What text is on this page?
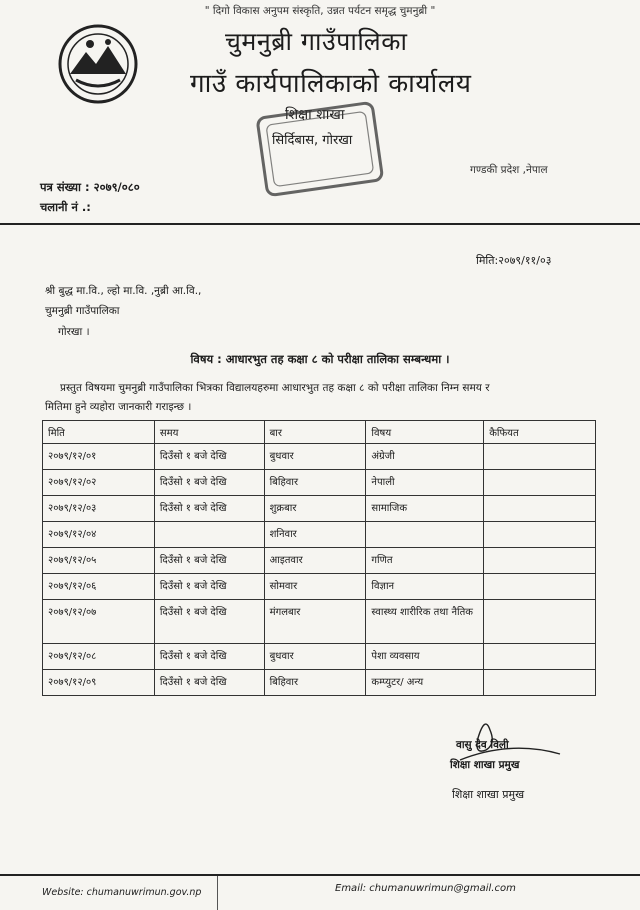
" दिगो विकास अनुपम संस्कृति, उन्नत पर्यटन समृद्ध चुमनुब्री "
चुमनुब्री गाउँपालिका
गाउँ कार्यपालिकाको कार्यालय
शिक्षा शाखा
सिर्दिबास, गोरखा
गण्डकी प्रदेश ,नेपाल
पत्र संख्या : २०७९/०८०
चलानी नं .:
मिति:२०७९/११/०३
श्री बुद्ध मा.वि., ल्हो मा.वि. ,नुब्री आ.वि.,
चुमनुब्री गाउँपालिका
गोरखा ।
विषय : आधारभुत तह कक्षा ८ को परीक्षा तालिका सम्बन्धमा ।
प्रस्तुत विषयमा चुमनुब्री गाउँपालिका भित्रका विद्यालयहरुमा आधारभुत तह कक्षा ८ को परीक्षा तालिका निम्न समय र
मितिमा हुने व्यहोरा जानकारी गराइन्छ ।
मिति	समय	बार	विषय	कैफियत
२०७९/१२/०१	दिउँसो १ बजे देखि	बुधवार	अंग्रेजी	
२०७९/१२/०२	दिउँसो १ बजे देखि	बिहिवार	नेपाली	
२०७९/१२/०३	दिउँसो १ बजे देखि	शुक्रबार	सामाजिक	
२०७९/१२/०४		शनिवार		
२०७९/१२/०५	दिउँसो १ बजे देखि	आइतवार	गणित	
२०७९/१२/०६	दिउँसो १ बजे देखि	सोमवार	विज्ञान	
२०७९/१२/०७	दिउँसो १ बजे देखि	मंगलबार	स्वास्थ्य शारीरिक तथा नैतिक	
२०७९/१२/०८	दिउँसो १ बजे देखि	बुधवार	पेशा व्यवसाय	
२०७९/१२/०९	दिउँसो १ बजे देखि	बिहिवार	कम्प्युटर/ अन्य	
वासु देव विली
शिक्षा शाखा प्रमुख
शिक्षा शाखा प्रमुख
Website: chumanuwrimun.gov.np	Email: chumanuwrimun@gmail.com
